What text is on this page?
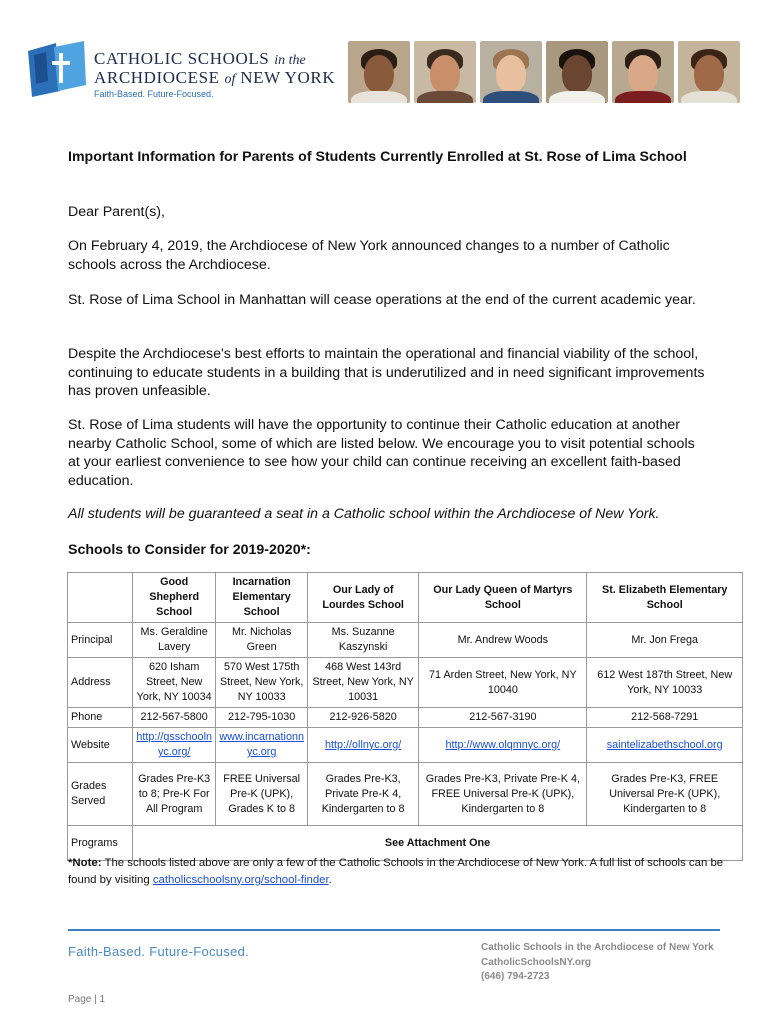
CATHOLIC SCHOOLS in the
ARCHDIOCESE of NEW YORK
Faith-Based. Future-Focused.
Important Information for Parents of Students Currently Enrolled at St. Rose of Lima School
Dear Parent(s),
On February 4, 2019, the Archdiocese of New York announced changes to a number of Catholic schools across the Archdiocese.
St. Rose of Lima School in Manhattan will cease operations at the end of the current academic year.
Despite the Archdiocese's best efforts to maintain the operational and financial viability of the school, continuing to educate students in a building that is underutilized and in need significant improvements has proven unfeasible.
St. Rose of Lima students will have the opportunity to continue their Catholic education at another nearby Catholic School, some of which are listed below. We encourage you to visit potential schools at your earliest convenience to see how your child can continue receiving an excellent faith-based education.
All students will be guaranteed a seat in a Catholic school within the Archdiocese of New York.
Schools to Consider for 2019-2020*:
	Good Shepherd School	Incarnation Elementary School	Our Lady of Lourdes School	Our Lady Queen of Martyrs School	St. Elizabeth Elementary School
Principal	Ms. Geraldine Lavery	Mr. Nicholas Green	Ms. Suzanne Kaszynski	Mr. Andrew Woods	Mr. Jon Frega
Address	620 Isham Street, New York, NY 10034	570 West 175th Street, New York, NY 10033	468 West 143rd Street, New York, NY 10031	71 Arden Street, New York, NY 10040	612 West 187th Street, New York, NY 10033
Phone	212-567-5800	212-795-1030	212-926-5820	212-567-3190	212-568-7291
Website	http://gsschoolnyc.org/	www.incarnationnyc.org	http://ollnyc.org/	http://www.olqmnyc.org/	saintelizabethschool.org
Grades Served	Grades Pre-K3 to 8; Pre-K For All Program	FREE Universal Pre-K (UPK), Grades K to 8	Grades Pre-K3, Private Pre-K 4, Kindergarten to 8	Grades Pre-K3, Private Pre-K 4, FREE Universal Pre-K (UPK), Kindergarten to 8	Grades Pre-K3, FREE Universal Pre-K (UPK), Kindergarten to 8
Programs	See Attachment One				
*Note: The schools listed above are only a few of the Catholic Schools in the Archdiocese of New York. A full list of schools can be found by visiting catholicschoolsny.org/school-finder.
Faith-Based. Future-Focused.	Catholic Schools in the Archdiocese of New York
CatholicSchoolsNY.org
(646) 794-2723
Page | 1
